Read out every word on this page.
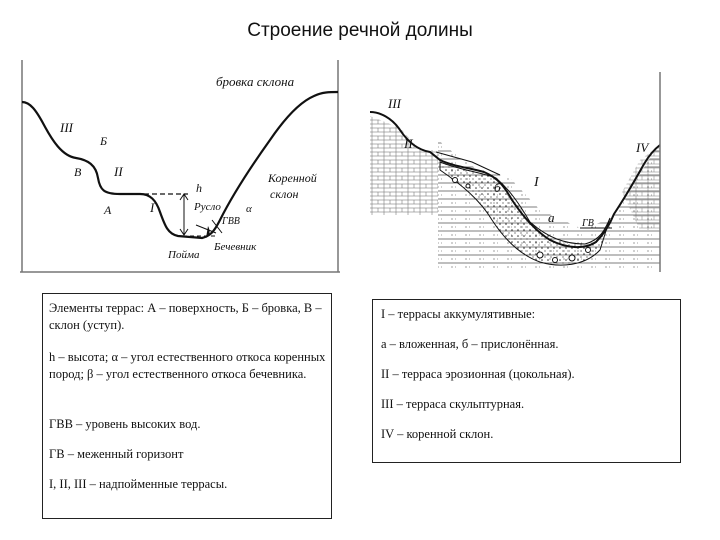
Строение речной долины
бровка склона
III
Б
В	II
А	I
h
Русло
ГВВ
α
Коренной
склон
Пойма
Бечевник
III
II
I
IV
б
а	ГВ

Элементы террас: А – поверхность, Б – бровка, В – склон (уступ).

h – высота; α – угол естественного откоса коренных пород; β – угол естественного откоса бечевника.

ГВВ – уровень высоких вод.

ГВ – меженный горизонт

I, II, III – надпойменные террасы.

I – террасы аккумулятивные:

а – вложенная, б – прислонённая.

II – терраса эрозионная (цокольная).

III – терраса скульптурная.

IV – коренной склон.
